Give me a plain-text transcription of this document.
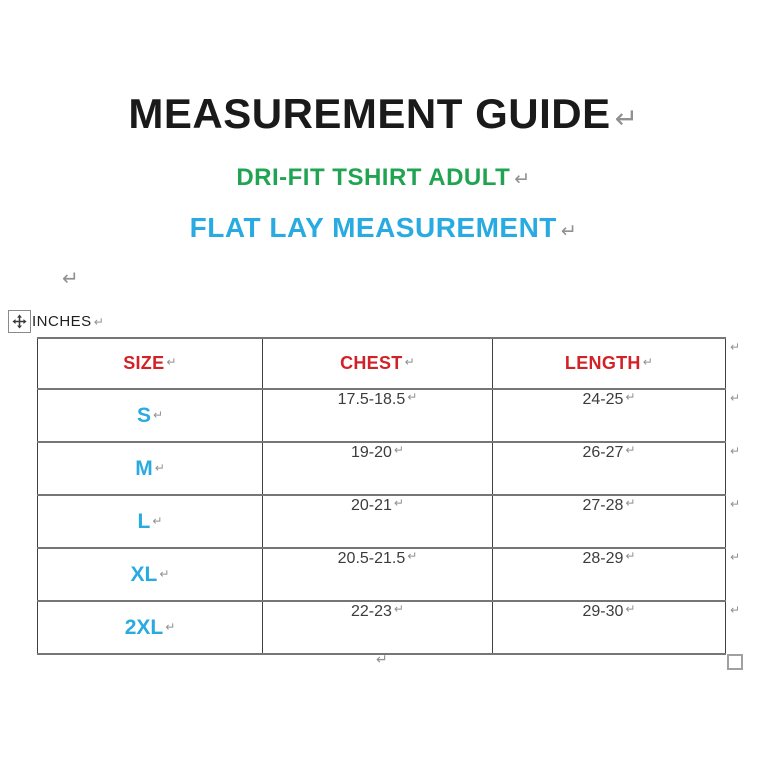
MEASUREMENT GUIDE ↵
DRI-FIT TSHIRT ADULT ↵
FLAT LAY MEASUREMENT ↵
↵
INCHES ↵
SIZE ↵	CHEST ↵	LENGTH ↵
S ↵	17.5-18.5 ↵	24-25 ↵
M ↵	19-20 ↵	26-27 ↵
L ↵	20-21 ↵	27-28 ↵
XL ↵	20.5-21.5 ↵	28-29 ↵
2XL ↵	22-23 ↵	29-30 ↵
↵
↵
↵
↵
↵
↵
↵
